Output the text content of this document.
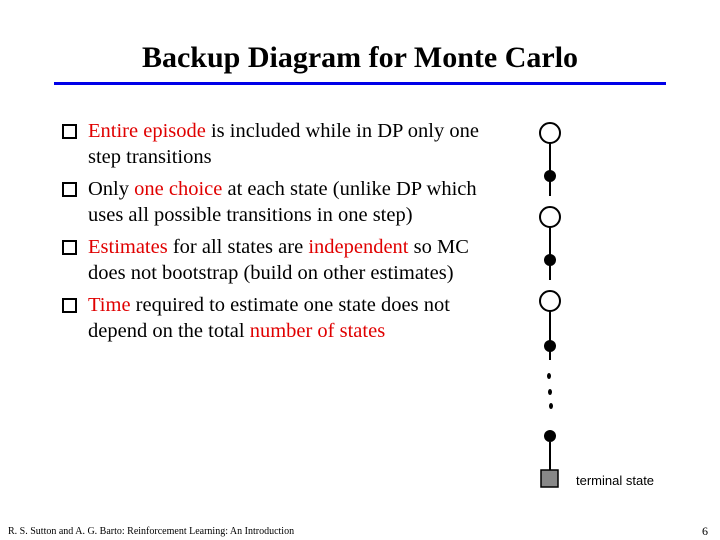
Backup Diagram for Monte Carlo
Entire episode is included while in DP only one step transitions
Only one choice at each state (unlike DP which uses all possible transitions in one step)
Estimates for all states are independent so MC does not bootstrap (build on other estimates)
Time required to estimate one state does not depend on the total number of states
terminal state
R. S. Sutton and A. G. Barto: Reinforcement Learning: An Introduction	6
